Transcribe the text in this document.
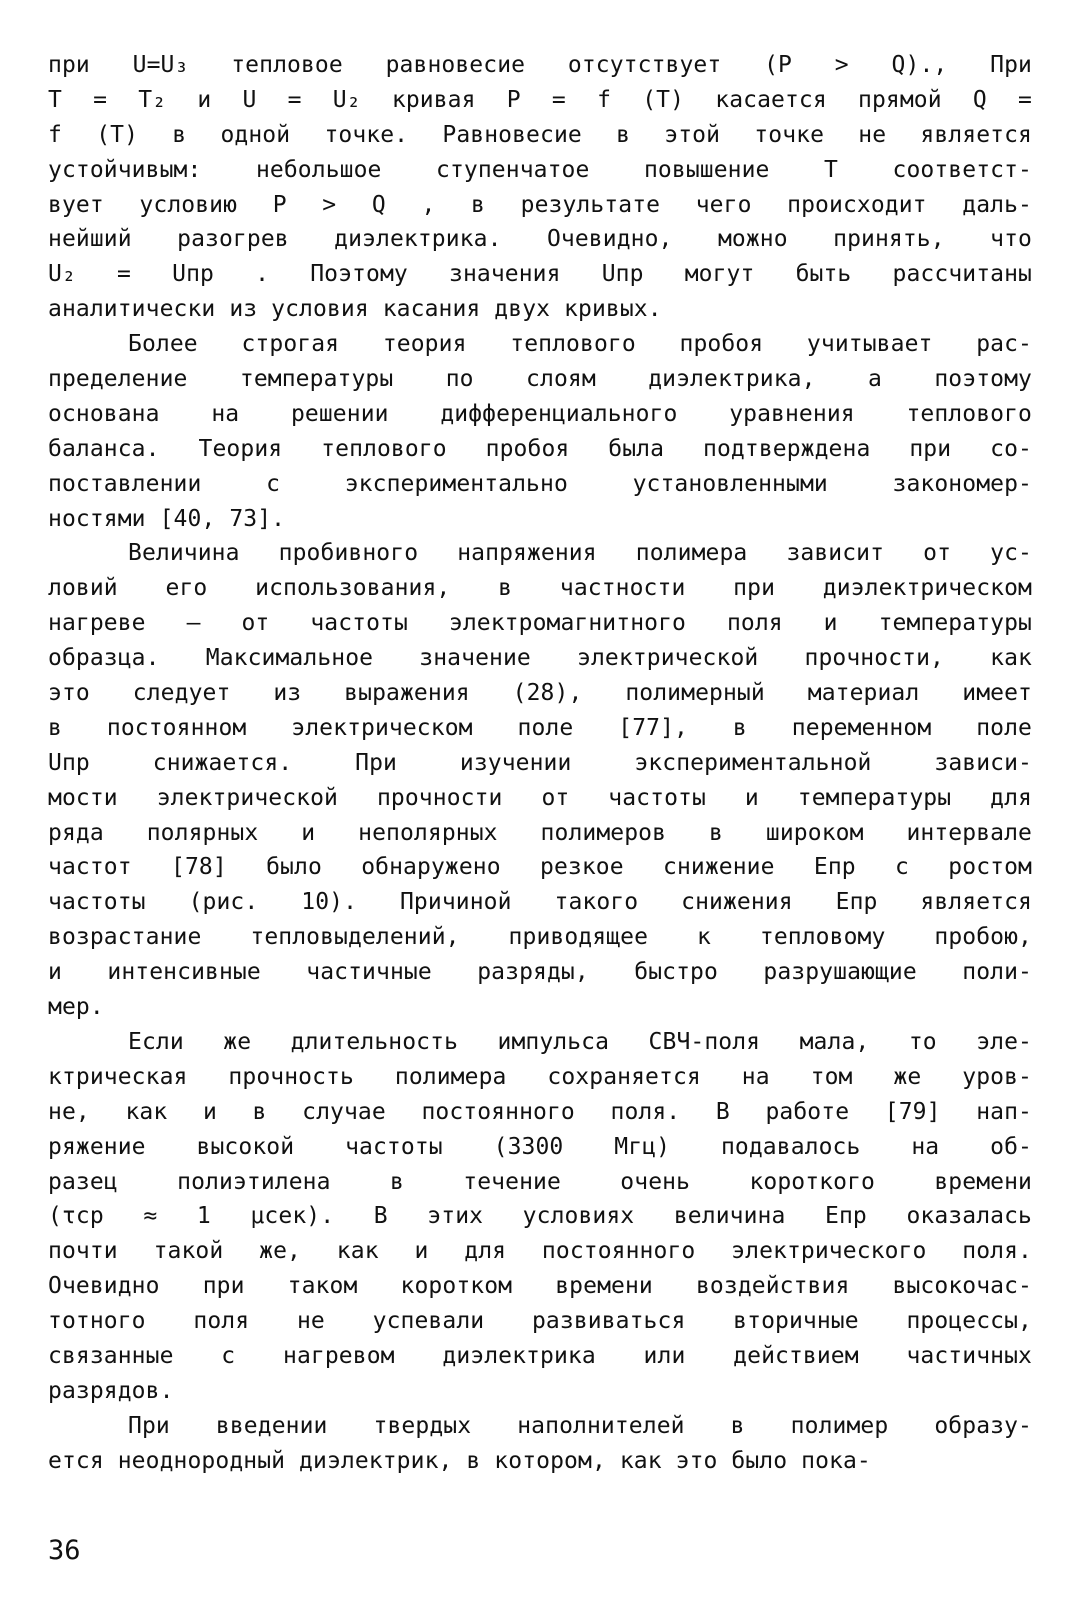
при U=U₃ тепловое равновесие отсутствует (P > Q)., При
T = T₂ и U = U₂ кривая P = f (T) касается прямой Q =
f (T) в одной точке. Равновесие в этой точке не является
устойчивым: небольшое ступенчатое повышение T соответст-
вует условию P > Q , в результате чего происходит даль-
нейший разогрев диэлектрика. Очевидно, можно принять, что
U₂ = Uпр . Поэтому значения Uпр могут быть рассчитаны
аналитически из условия касания двух кривых.
Более строгая теория теплового пробоя учитывает рас-
пределение температуры по слоям диэлектрика, а поэтому
основана на решении дифференциального уравнения теплового
баланса. Теория теплового пробоя была подтверждена при со-
поставлении с экспериментально установленными закономер-
ностями [40, 73].
Величина пробивного напряжения полимера зависит от ус-
ловий его использования, в частности при диэлектрическом
нагреве – от частоты электромагнитного поля и температуры
образца. Максимальное значение электрической прочности, как
это следует из выражения (28), полимерный материал имеет
в постоянном электрическом поле [77], в переменном поле
Uпр снижается. При изучении экспериментальной зависи-
мости электрической прочности от частоты и температуры для
ряда полярных и неполярных полимеров в широком интервале
частот [78] было обнаружено резкое снижение Eпр с ростом
частоты (рис. 10). Причиной такого снижения Eпр является
возрастание тепловыделений, приводящее к тепловому пробою,
и интенсивные частичные разряды, быстро разрушающие поли-
мер.
Если же длительность импульса СВЧ-поля мала, то эле-
ктрическая прочность полимера сохраняется на том же уров-
не, как и в случае постоянного поля. В работе [79] нап-
ряжение высокой частоты (3300 Мгц) подавалось на об-
разец полиэтилена в течение очень короткого времени
(τср ≈ 1 μсек). В этих условиях величина Eпр оказалась
почти такой же, как и для постоянного электрического поля.
Очевидно при таком коротком времени воздействия высокочас-
тотного поля не успевали развиваться вторичные процессы,
связанные с нагревом диэлектрика или действием частичных
разрядов.
При введении твердых наполнителей в полимер образу-
ется неоднородный диэлектрик, в котором, как это было пока-
36
